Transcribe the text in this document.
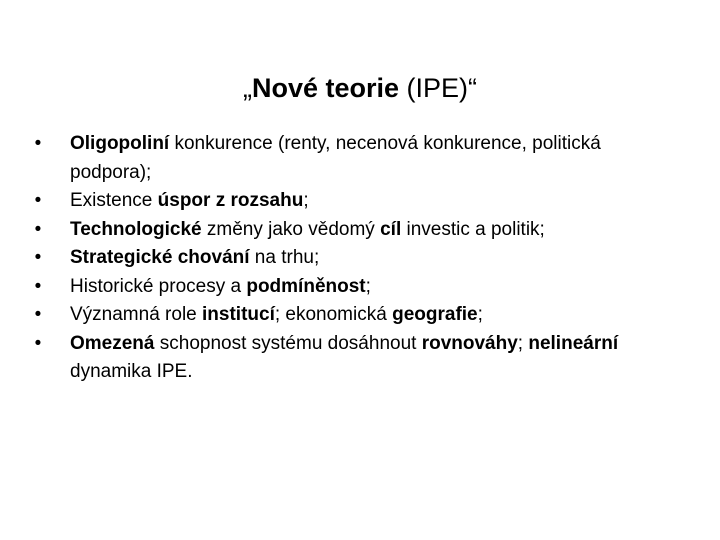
„Nové teorie (IPE)“
• Oligopoliní konkurence (renty, necenová konkurence, politická podpora);
• Existence úspor z rozsahu;
• Technologické změny jako vědomý cíl investic a politik;
• Strategické chování na trhu;
• Historické procesy a podmíněnost;
• Významná role institucí; ekonomická geografie;
• Omezená schopnost systému dosáhnout rovnováhy; nelineární dynamika IPE.
